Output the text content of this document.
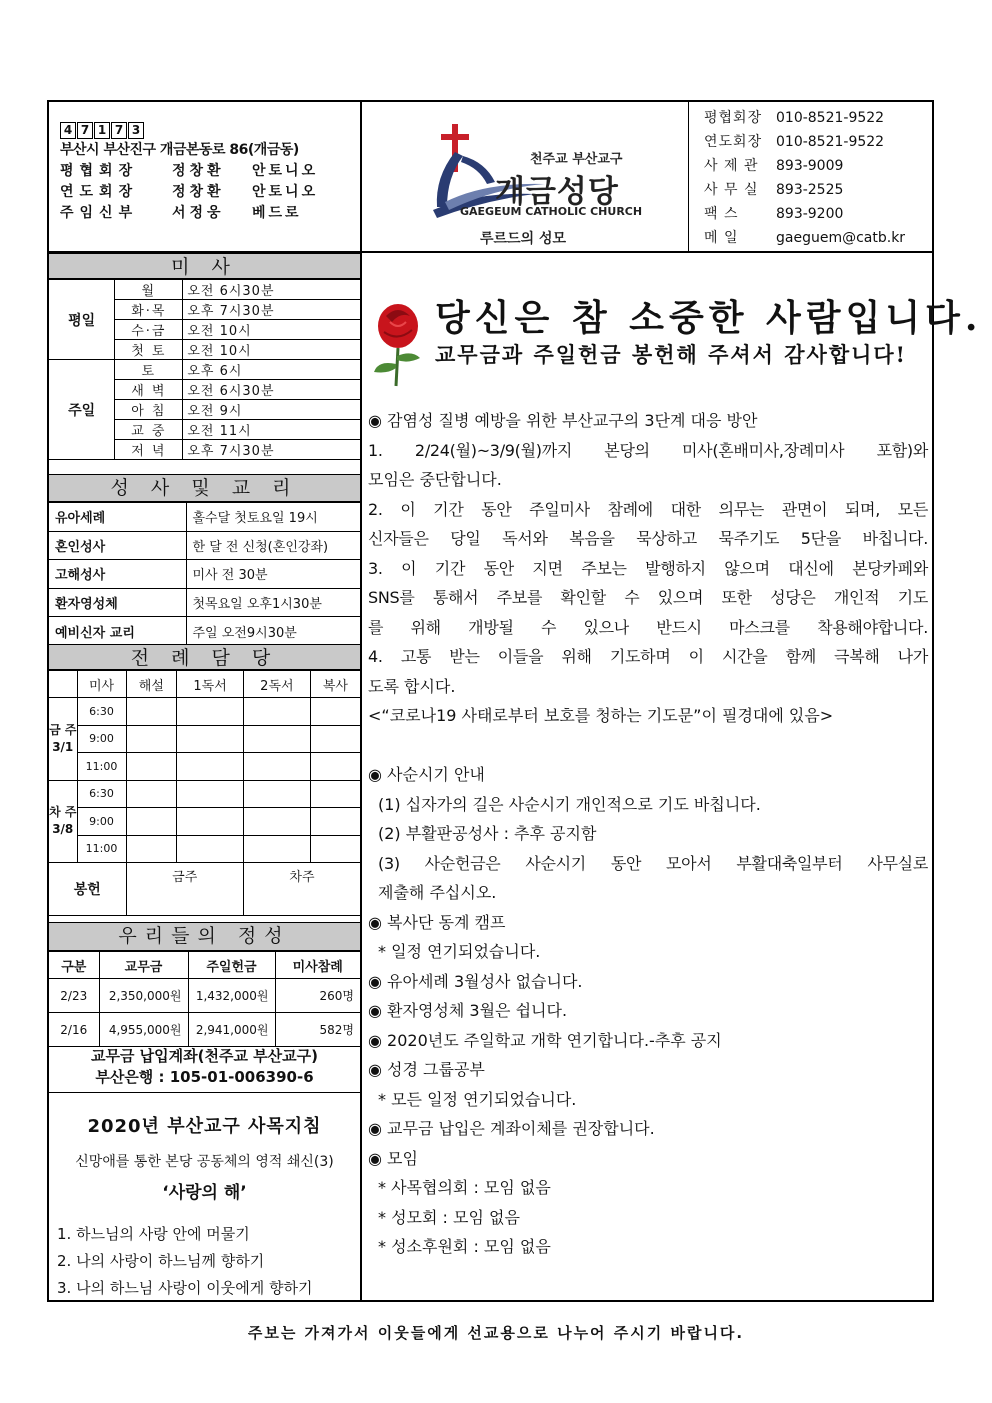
4 7 1 7 3
부산시 부산진구 개금본동로 86(개금동)
평협회장	정창환	안토니오
연도회장	정창환	안토니오
주임신부	서정웅	베드로
천주교 부산교구
개금성당
GAEGEUM CATHOLIC CHURCH
루르드의 성모
평협회장 010-8521-9522
연도회장 010-8521-9522
사 제 관	893-9009
사 무 실	893-2525
팩 스	893-9200
메 일	gaeguem@catb.kr
미 사
평일	월	오전 6시30분
	화·목	오후 7시30분
	수·금	오전 10시
	첫 토	오전 10시
주일	토	오후 6시
	새 벽	오전 6시30분
	아 침	오전 9시
	교 중	오전 11시
	저 녁	오후 7시30분
성 사 및 교 리
유아세례	홀수달 첫토요일 19시
혼인성사	한 달 전 신청(혼인강좌)
고해성사	미사 전 30분
환자영성체	첫목요일 오후1시30분
예비신자 교리	주일 오전9시30분
전 례 담 당
	미사	해설	1독서	2독서	복사
금 주 3/1	6:30				
	9:00				
	11:00				
차 주 3/8	6:30				
	9:00				
	11:00				
봉헌		금주		차주	
우리들의 정성
구분	교무금	주일헌금	미사참례
2/23	2,350,000원	1,432,000원	260명
2/16	4,955,000원	2,941,000원	582명
교무금 납입계좌(천주교 부산교구)
부산은행 : 105-01-006390-6
2020년 부산교구 사목지침
신망애를 통한 본당 공동체의 영적 쇄신(3)
‘사랑의 해’
1. 하느님의 사랑 안에 머물기
2. 나의 사랑이 하느님께 향하기
3. 나의 하느님 사랑이 이웃에게 향하기
당신은 참 소중한 사람입니다.
교무금과 주일헌금 봉헌해 주셔서 감사합니다!

◉ 감염성 질병 예방을 위한 부산교구의 3단계 대응 방안

1. 2/24(월)~3/9(월)까지 본당의 미사(혼배미사,장례미사 포함)와

모임은 중단합니다.

2. 이 기간 동안 주일미사 참례에 대한 의무는 관면이 되며, 모든

신자들은 당일 독서와 복음을 묵상하고 묵주기도 5단을 바칩니다.

3. 이 기간 동안 지면 주보는 발행하지 않으며 대신에 본당카페와

SNS를 통해서 주보를 확인할 수 있으며 또한 성당은 개인적 기도

를 위해 개방될 수 있으나 반드시 마스크를 착용해야합니다.

4. 고통 받는 이들을 위해 기도하며 이 시간을 함께 극복해 나가

도록 합시다.

<“코로나19 사태로부터 보호를 청하는 기도문”이 필경대에 있음>

◉ 사순시기 안내

(1) 십자가의 길은 사순시기 개인적으로 기도 바칩니다.

(2) 부활판공성사 : 추후 공지함

(3) 사순헌금은 사순시기 동안 모아서 부활대축일부터 사무실로

제출해 주십시오.

◉ 복사단 동계 캠프

* 일정 연기되었습니다.

◉ 유아세례 3월성사 없습니다.

◉ 환자영성체 3월은 쉽니다.

◉ 2020년도 주일학교 개학 연기합니다.-추후 공지

◉ 성경 그룹공부

* 모든 일정 연기되었습니다.

◉ 교무금 납입은 계좌이체를 권장합니다.

◉ 모임

* 사목협의회 : 모임 없음

* 성모회 : 모임 없음

* 성소후원회 : 모임 없음

주보는 가져가서 이웃들에게 선교용으로 나누어 주시기 바랍니다.
